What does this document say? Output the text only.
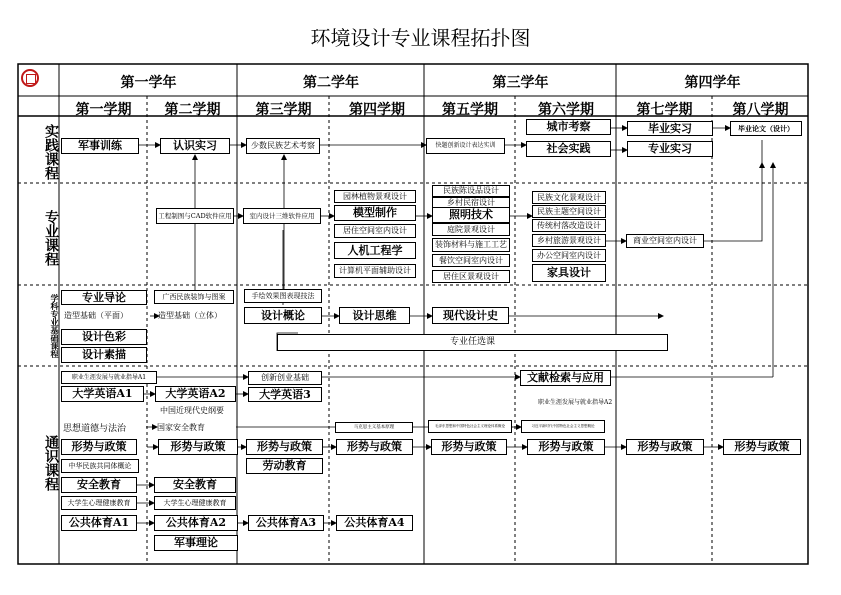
环境设计专业课程拓扑图
第一学年	第二学年	第三学年	第四学年
第一学期	第二学期	第三学期	第四学期	第五学期	第六学期	第七学期	第八学期
实践课程
专业课程
学科专业基础课程
通识课程
军事训练	认识实习	少数民族艺术考察	快题创新设计表达实训
城市考察
社会实践
毕业实习
专业实习
毕业论文（设计）
工程制图与CAD软件应用	室内设计三维软件应用
园林植物景观设计
模型制作
居住空间室内设计
人机工程学
计算机平面辅助设计
民族陈设品设计
乡村民宿设计
照明技术
庭院景观设计
装饰材料与施工工艺
餐饮空间室内设计
居住区景观设计
民族文化景观设计
民族主题空间设计
传统村落改造设计
乡村旅游景观设计
办公空间室内设计
家具设计
商业空间室内设计
专业导论	广西民族装饰与图案
造型基础（平面）	造型基础（立体）
设计色彩
设计素描
手绘效果图表现技法
设计概论	设计思维	现代设计史
专业任选课
职业生涯发展与就业指导A1
大学英语A1	大学英语A2	大学英语3
创新创业基础
中国近现代史纲要
国家安全教育
思想道德与法治	马克思主义基本原理	毛泽东思想和中国特色社会主义理论体系概论	习近平新时代中国特色社会主义思想概论
文献检索与应用
职业生涯发展与就业指导A2
形势与政策	形势与政策	形势与政策	形势与政策	形势与政策	形势与政策	形势与政策	形势与政策
中华民族共同体概论	劳动教育
安全教育	安全教育
大学生心理健康教育	大学生心理健康教育
公共体育A1	公共体育A2	公共体育A3	公共体育A4
军事理论
